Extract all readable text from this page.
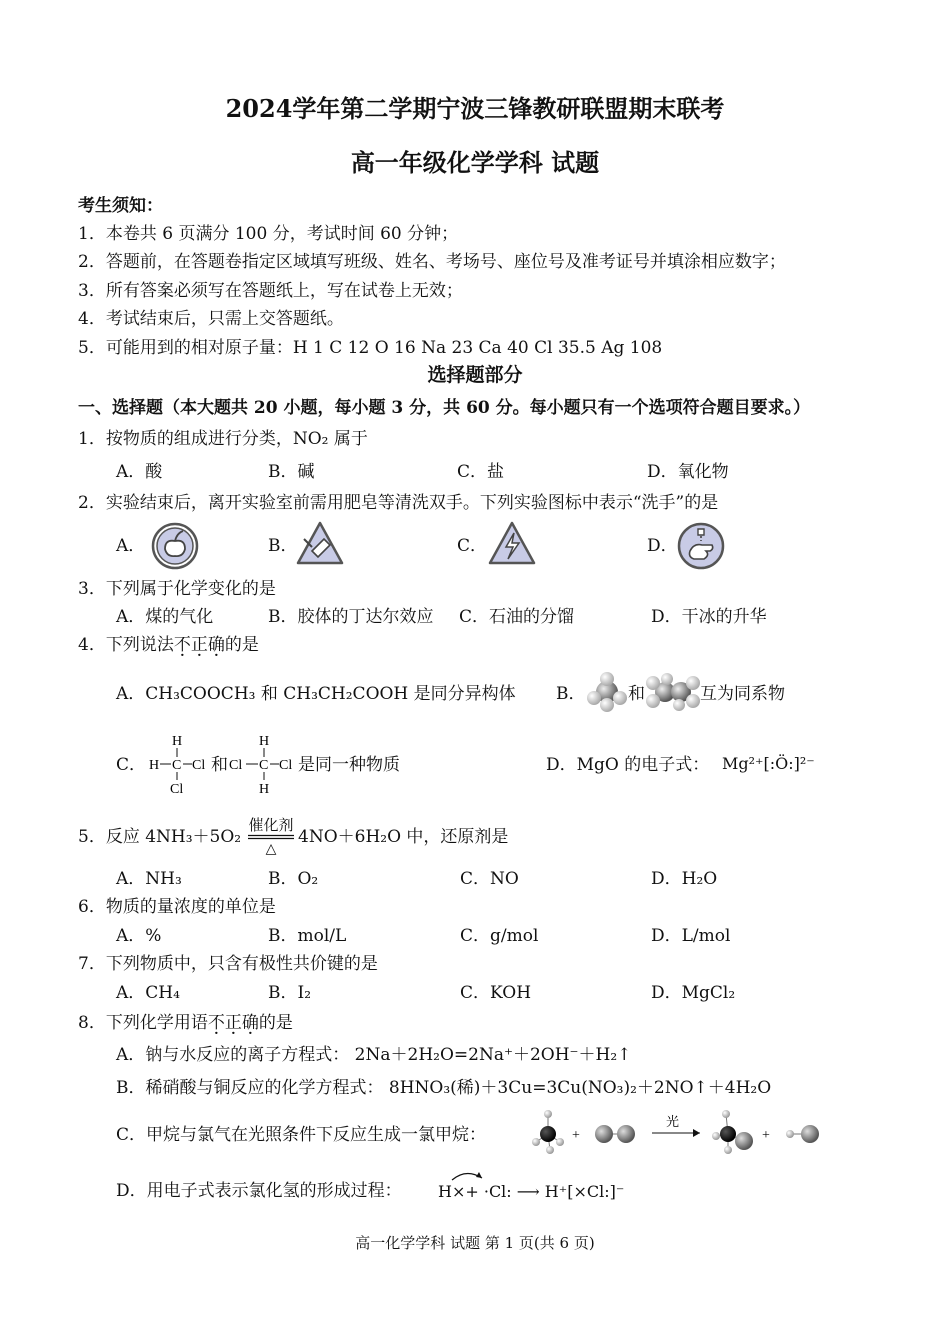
2024学年第二学期宁波三锋教研联盟期末联考
高一年级化学学科 试题
考生须知：
1．本卷共 6 页满分 100 分，考试时间 60 分钟；
2．答题前，在答题卷指定区域填写班级、姓名、考场号、座位号及准考证号并填涂相应数字；
3．所有答案必须写在答题纸上，写在试卷上无效；
4．考试结束后，只需上交答题纸。
5．可能用到的相对原子量：H 1 C 12 O 16 Na 23 Ca 40 Cl 35.5 Ag 108
选择题部分
一、选择题（本大题共 20 小题，每小题 3 分，共 60 分。每小题只有一个选项符合题目要求。）
1．按物质的组成进行分类，NO₂ 属于
A．酸	B．碱	C．盐	D．氧化物
2．实验结束后，离开实验室前需用肥皂等清洗双手。下列实验图标中表示“洗手”的是
A．	B．	C．	D．
3．下列属于化学变化的是
A．煤的气化	B．胶体的丁达尔效应 C．石油的分馏	D．干冰的升华
4．下列说法不正确的是
A．CH₃COOCH₃ 和 CH₃CH₂COOH 是同分异构体 B．	和	互为同系物
C．
H
H C Cl
Cl
和
H
Cl C Cl
H
是同一种物质	D．MgO 的电子式： Mg²⁺[:Ö:]²⁻
5．反应 4NH₃＋5O₂
催化剂
△
4NO＋6H₂O 中，还原剂是
A．NH₃	B．O₂	C．NO	D．H₂O
6．物质的量浓度的单位是
A．%	B．mol/L	C．g/mol	D．L/mol
7．下列物质中，只含有极性共价键的是
A．CH₄	B．I₂	C．KOH	D．MgCl₂
8．下列化学用语不正确的是
A．钠与水反应的离子方程式： 2Na＋2H₂O=2Na⁺＋2OH⁻＋H₂↑
B．稀硝酸与铜反应的化学方程式： 8HNO₃(稀)＋3Cu=3Cu(NO₃)₂＋2NO↑＋4H₂O
C．甲烷与氯气在光照条件下反应生成一氯甲烷：	+
光
+
D．用电子式表示氯化氢的形成过程： H×+ ·Cl: ⟶ H⁺[×Cl:]⁻
高一化学学科 试题 第 1 页(共 6 页)
